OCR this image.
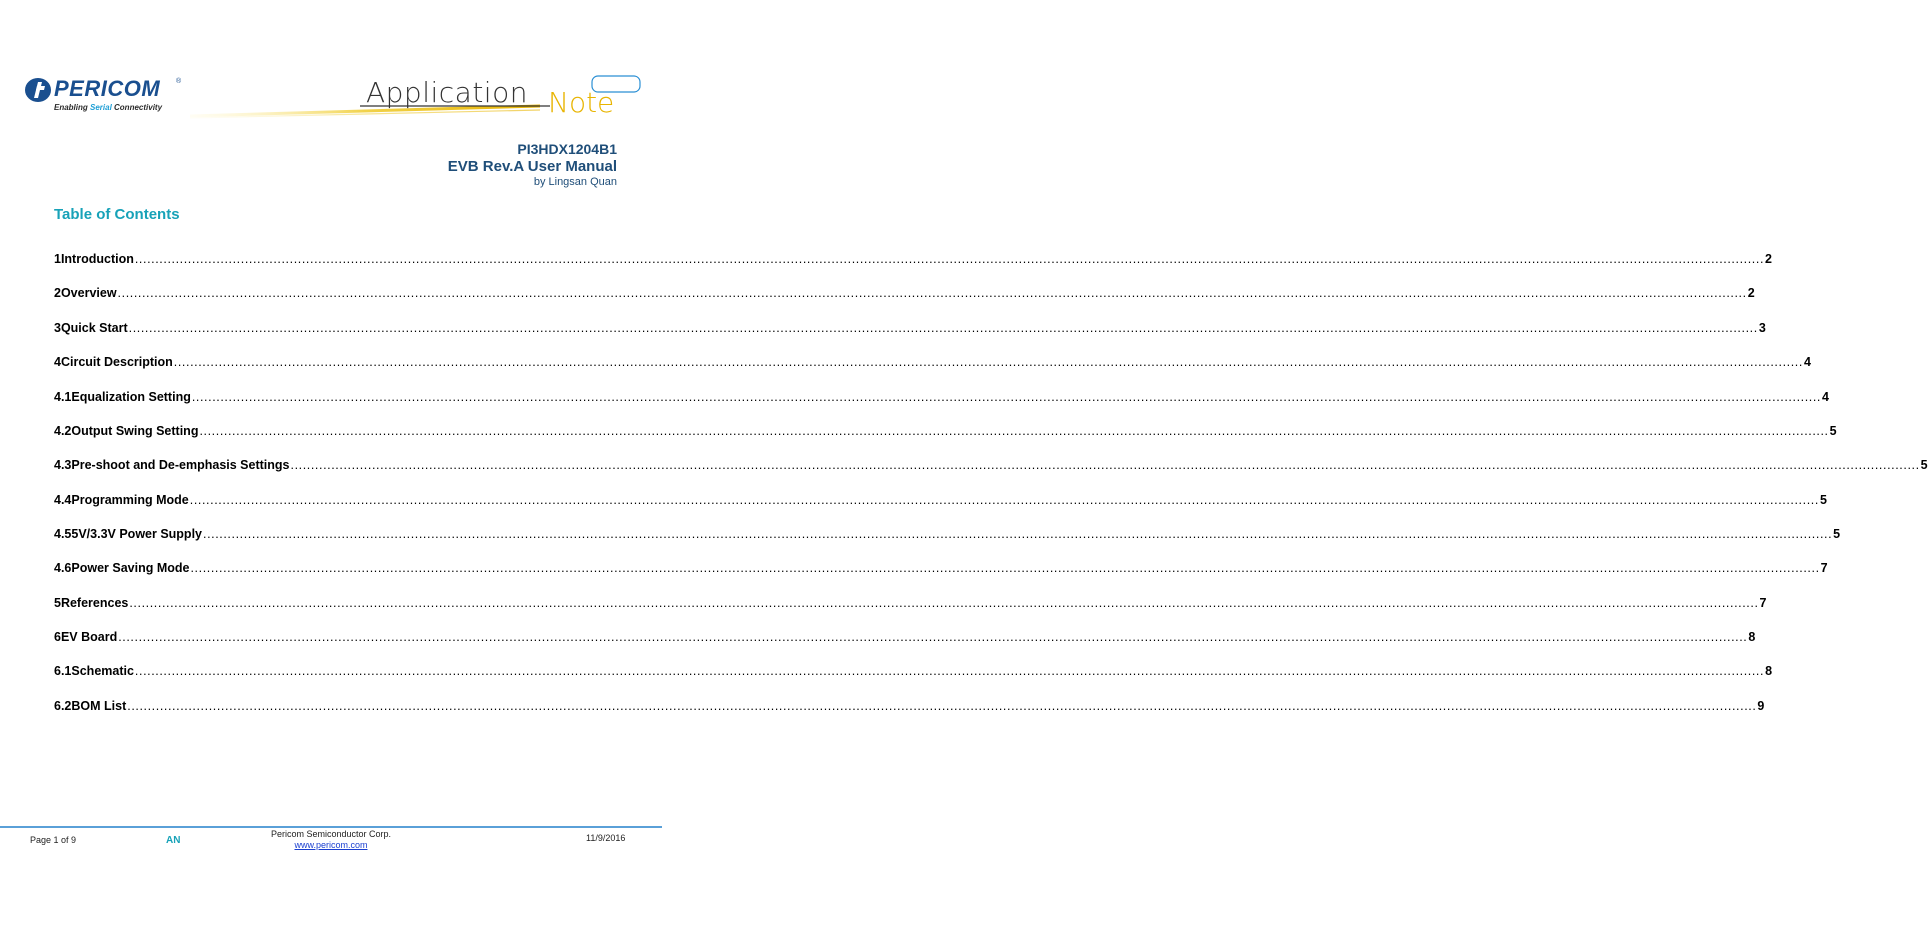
PERICOM ®
Enabling Serial Connectivity	Application Note
PI3HDX1204B1
EVB Rev.A User Manual
by Lingsan Quan
Table of Contents
1 Introduction ................................................................................................................................................................................................................................................................................................................................................................................................................ 2
2 Overview ................................................................................................................................................................................................................................................................................................................................................................................................................ 2
3 Quick Start ................................................................................................................................................................................................................................................................................................................................................................................................................ 3
4 Circuit Description ................................................................................................................................................................................................................................................................................................................................................................................................................ 4
4.1 Equalization Setting ................................................................................................................................................................................................................................................................................................................................................................................................................ 4
4.2 Output Swing Setting ................................................................................................................................................................................................................................................................................................................................................................................................................ 5
4.3 Pre-shoot and De-emphasis Settings ................................................................................................................................................................................................................................................................................................................................................................................................................ 5
4.4 Programming Mode ................................................................................................................................................................................................................................................................................................................................................................................................................ 5
4.5 5V/3.3V Power Supply ................................................................................................................................................................................................................................................................................................................................................................................................................ 5
4.6 Power Saving Mode ................................................................................................................................................................................................................................................................................................................................................................................................................ 7
5 References ................................................................................................................................................................................................................................................................................................................................................................................................................ 7
6 EV Board ................................................................................................................................................................................................................................................................................................................................................................................................................ 8
6.1 Schematic ................................................................................................................................................................................................................................................................................................................................................................................................................ 8
6.2 BOM List ................................................................................................................................................................................................................................................................................................................................................................................................................ 9
Page 1 of 9	AN
Pericom Semiconductor Corp.
www.pericom.com
11/9/2016
